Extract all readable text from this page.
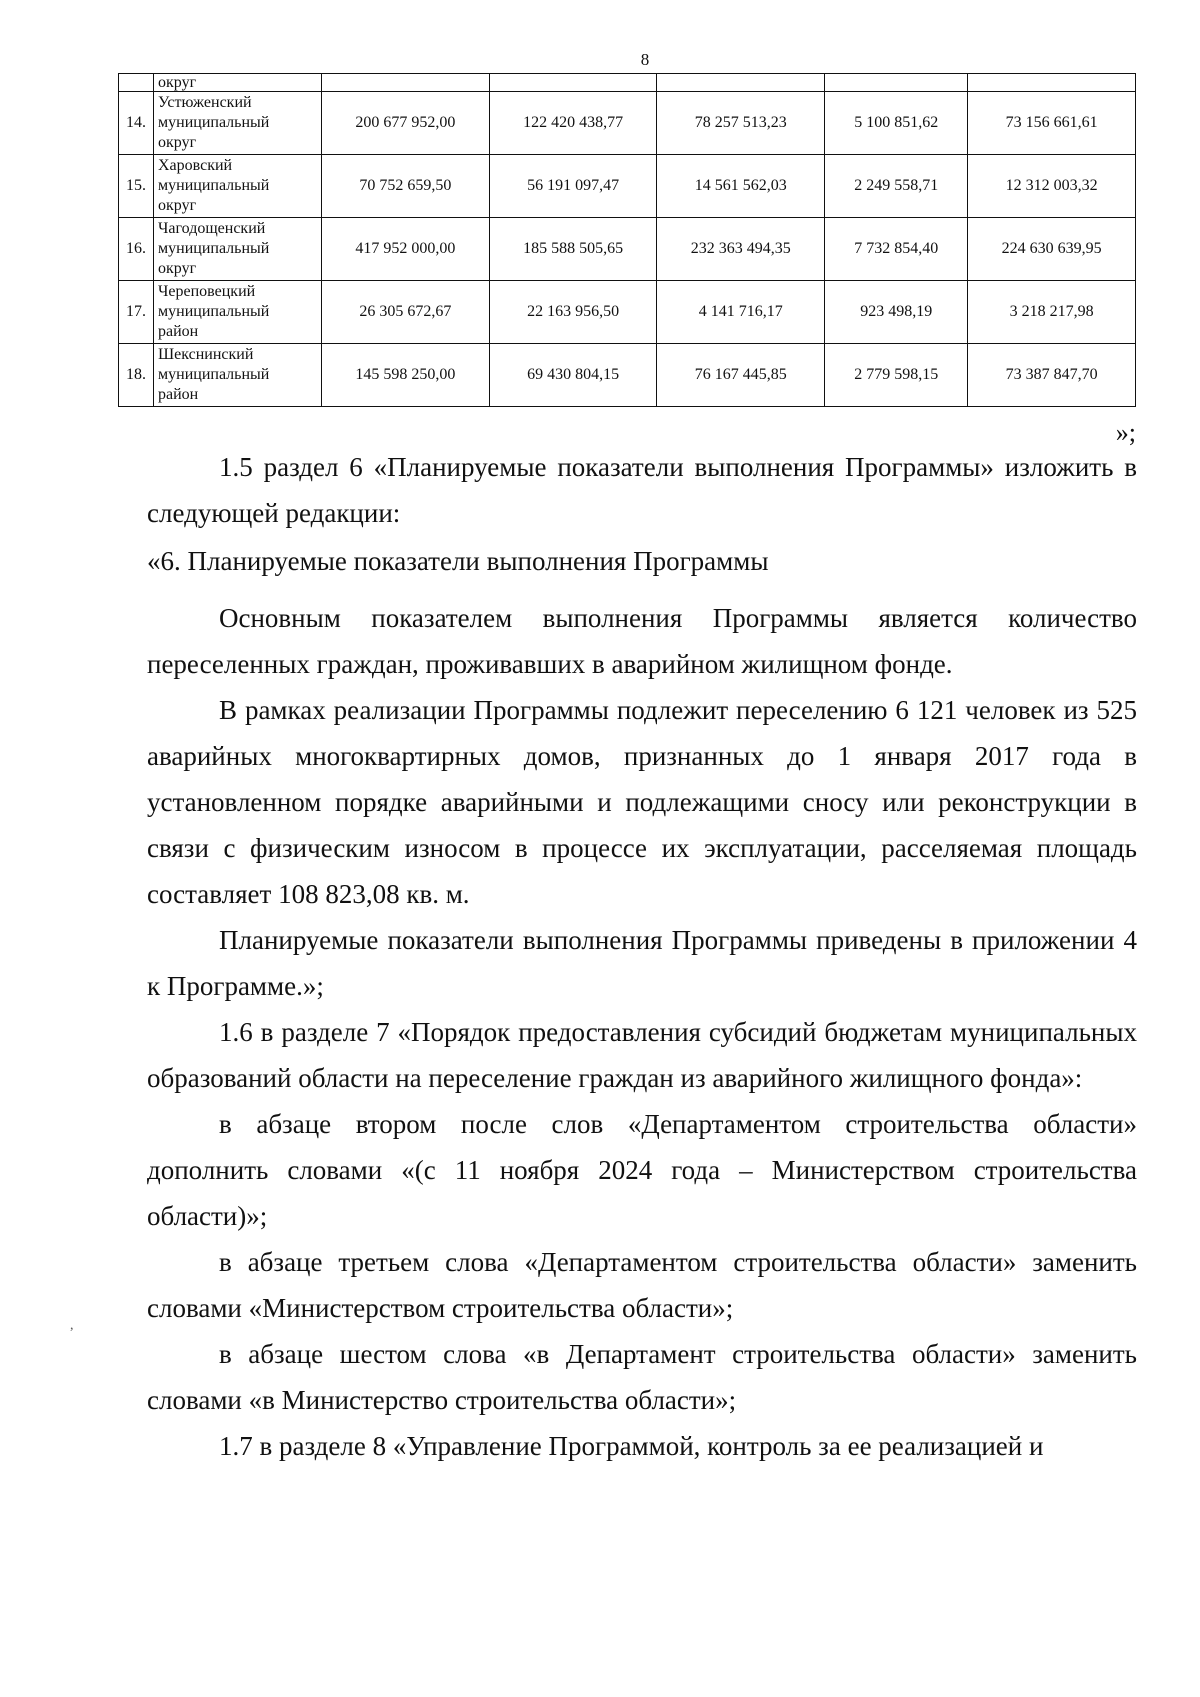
8
	округ					
14.	Устюженский
муниципальный
округ	200 677 952,00	122 420 438,77	78 257 513,23	5 100 851,62	73 156 661,61
15.	Харовский
муниципальный
округ	70 752 659,50	56 191 097,47	14 561 562,03	2 249 558,71	12 312 003,32
16.	Чагодощенский
муниципальный
округ	417 952 000,00	185 588 505,65	232 363 494,35	7 732 854,40	224 630 639,95
17.	Череповецкий
муниципальный
район	26 305 672,67	22 163 956,50	4 141 716,17	923 498,19	3 218 217,98
18.	Шекснинский
муниципальный
район	145 598 250,00	69 430 804,15	76 167 445,85	2 779 598,15	73 387 847,70
»;

1.5 раздел 6 «Планируемые показатели выполнения Программы» изложить в следующей редакции:

«6. Планируемые показатели выполнения Программы

Основным показателем выполнения Программы является количество переселенных граждан, проживавших в аварийном жилищном фонде.

В рамках реализации Программы подлежит переселению 6 121 человек из 525 аварийных многоквартирных домов, признанных до 1 января 2017 года в установленном порядке аварийными и подлежащими сносу или реконструкции в связи с физическим износом в процессе их эксплуатации, расселяемая площадь составляет 108 823,08 кв. м.

Планируемые показатели выполнения Программы приведены в приложении 4 к Программе.»;

1.6 в разделе 7 «Порядок предоставления субсидий бюджетам муниципальных образований области на переселение граждан из аварийного жилищного фонда»:

в абзаце втором после слов «Департаментом строительства области» дополнить словами «(с 11 ноября 2024 года – Министерством строительства области)»;

в абзаце третьем слова «Департаментом строительства области» заменить словами «Министерством строительства области»;

в абзаце шестом слова «в Департамент строительства области» заменить словами «в Министерство строительства области»;

1.7 в разделе 8 «Управление Программой, контроль за ее реализацией и

,
